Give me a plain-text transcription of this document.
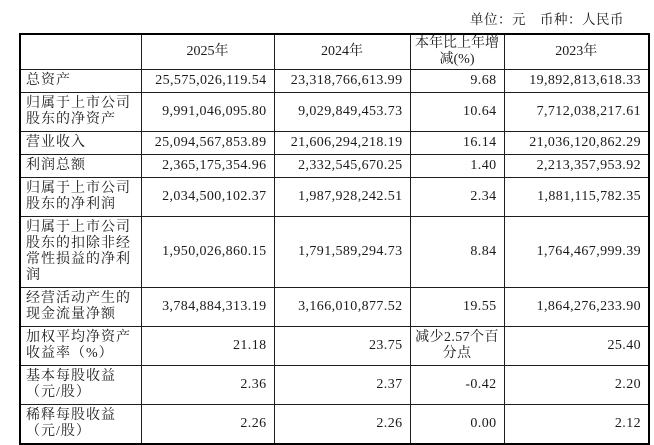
单位：元　币种：人民币
	2025年	2024年	本年比上年增减(%)	2023年
总资产	25,575,026,119.54	23,318,766,613.99	9.68	19,892,813,618.33
归属于上市公司股东的净资产	9,991,046,095.80	9,029,849,453.73	10.64	7,712,038,217.61
营业收入	25,094,567,853.89	21,606,294,218.19	16.14	21,036,120,862.29
利润总额	2,365,175,354.96	2,332,545,670.25	1.40	2,213,357,953.92
归属于上市公司股东的净利润	2,034,500,102.37	1,987,928,242.51	2.34	1,881,115,782.35
归属于上市公司股东的扣除非经常性损益的净利润	1,950,026,860.15	1,791,589,294.73	8.84	1,764,467,999.39
经营活动产生的现金流量净额	3,784,884,313.19	3,166,010,877.52	19.55	1,864,276,233.90
加权平均净资产收益率（%）	21.18	23.75	减少2.57个百分点	25.40
基本每股收益（元/股）	2.36	2.37	-0.42	2.20
稀释每股收益（元/股）	2.26	2.26	0.00	2.12
